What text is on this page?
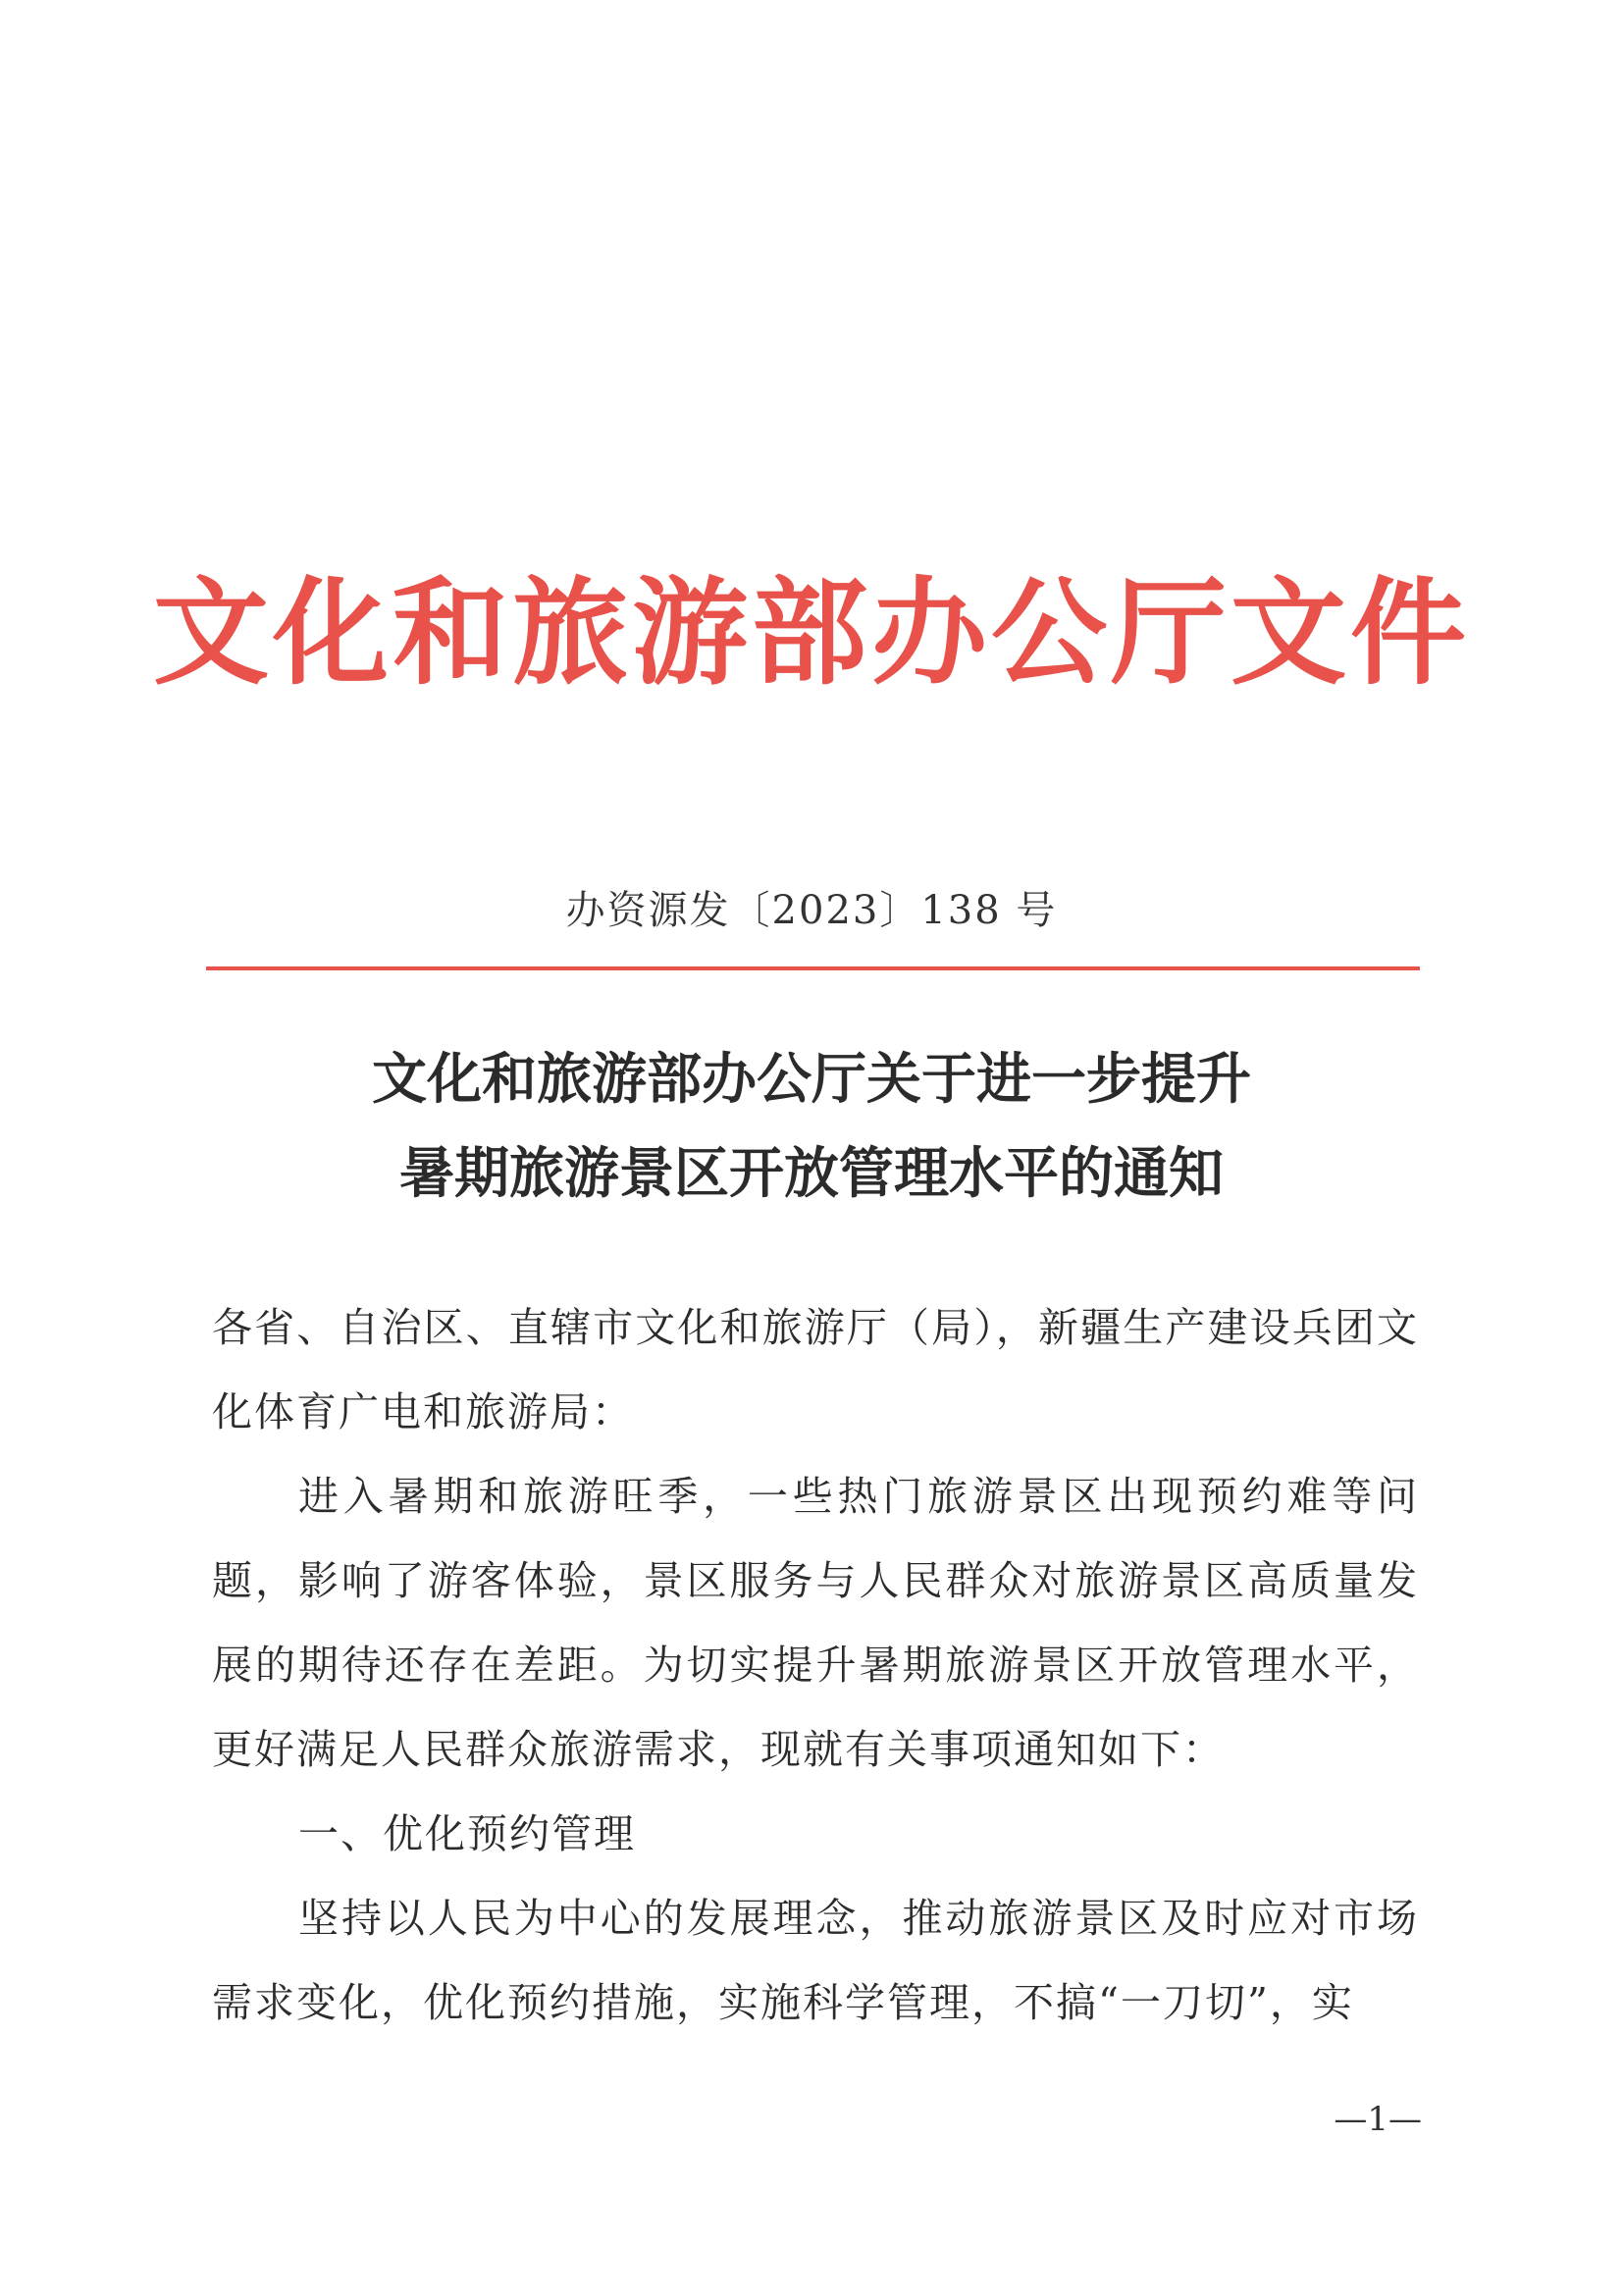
文化和旅游部办公厅文件
办资源发〔2023〕138 号
文化和旅游部办公厅关于进一步提升
暑期旅游景区开放管理水平的通知

各省、自治区、直辖市文化和旅游厅（局），新疆生产建设兵团文化体育广电和旅游局：

进入暑期和旅游旺季，一些热门旅游景区出现预约难等问题，影响了游客体验，景区服务与人民群众对旅游景区高质量发展的期待还存在差距。为切实提升暑期旅游景区开放管理水平，更好满足人民群众旅游需求，现就有关事项通知如下：

一、优化预约管理

坚持以人民为中心的发展理念，推动旅游景区及时应对市场需求变化，优化预约措施，实施科学管理，不搞“一刀切”，实

—1—
